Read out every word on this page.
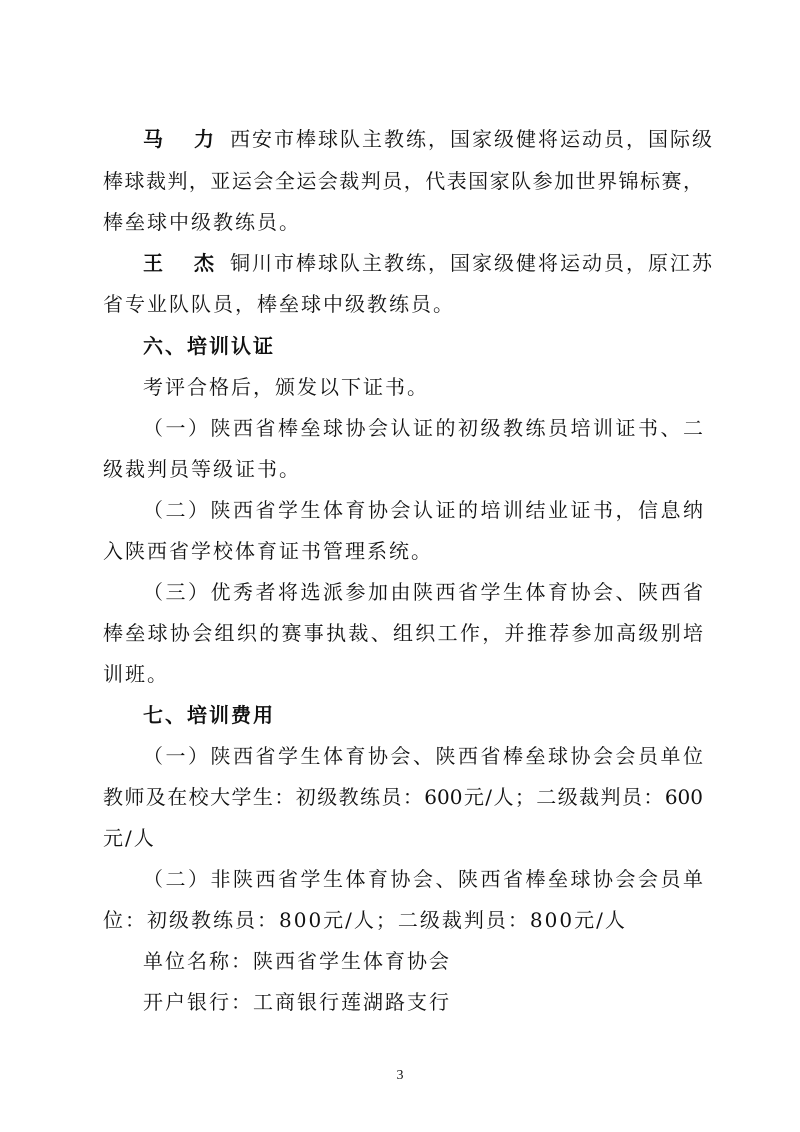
马 力 西安市棒球队主教练，国家级健将运动员，国际级
棒球裁判，亚运会全运会裁判员，代表国家队参加世界锦标赛，
棒垒球中级教练员。
王 杰 铜川市棒球队主教练，国家级健将运动员，原江苏
省专业队队员，棒垒球中级教练员。
六、培训认证
考评合格后，颁发以下证书。
（一）陕西省棒垒球协会认证的初级教练员培训证书、二
级裁判员等级证书。
（二）陕西省学生体育协会认证的培训结业证书，信息纳
入陕西省学校体育证书管理系统。
（三）优秀者将选派参加由陕西省学生体育协会、陕西省
棒垒球协会组织的赛事执裁、组织工作，并推荐参加高级别培
训班。
七、培训费用
（一）陕西省学生体育协会、陕西省棒垒球协会会员单位
教师及在校大学生：初级教练员：600元/人；二级裁判员：600
元/人
（二）非陕西省学生体育协会、陕西省棒垒球协会会员单
位：初级教练员：800元/人；二级裁判员：800元/人
单位名称：陕西省学生体育协会
开户银行：工商银行莲湖路支行
3
